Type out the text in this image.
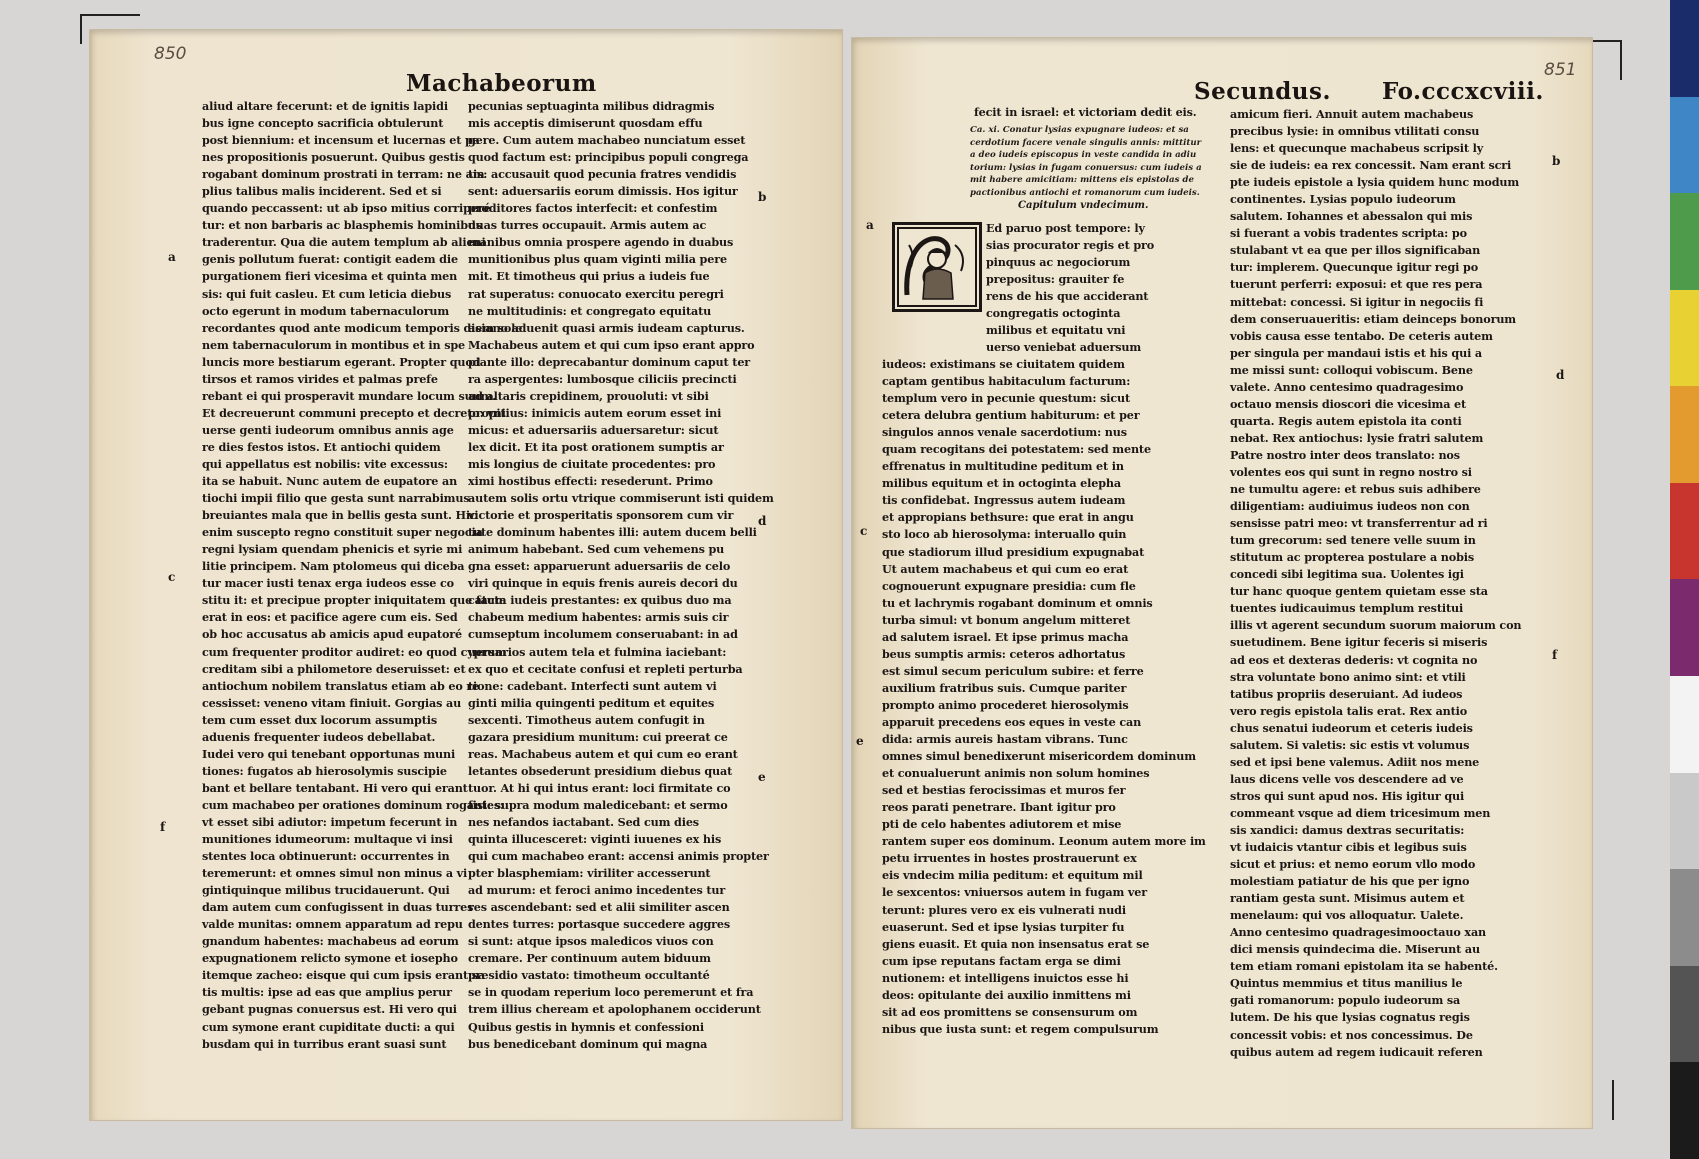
850
Machabeorum
aliud altare fecerunt: et de ignitis lapidi
bus igne concepto sacrificia obtulerunt
post biennium: et incensum et lucernas et pa
nes propositionis posuerunt. Quibus gestis
rogabant dominum prostrati in terram: ne am
plius talibus malis inciderent. Sed et si
quando peccassent: ut ab ipso mitius corriperé
tur: et non barbaris ac blasphemis hominibus
traderentur. Qua die autem templum ab alieni
genis pollutum fuerat: contigit eadem die
purgationem fieri vicesima et quinta men
sis: qui fuit casleu. Et cum leticia diebus
octo egerunt in modum tabernaculorum
recordantes quod ante modicum temporis diem sole
nem tabernaculorum in montibus et in spe
luncis more bestiarum egerant. Propter quod
tirsos et ramos virides et palmas prefe
rebant ei qui prosperavit mundare locum suum.
Et decreuerunt communi precepto et decreto: vni
uerse genti iudeorum omnibus annis age
re dies festos istos. Et antiochi quidem
qui appellatus est nobilis: vite excessus:
ita se habuit. Nunc autem de eupatore an
tiochi impii filio que gesta sunt narrabimus
breuiantes mala que in bellis gesta sunt. Hic
enim suscepto regno constituit super negocia
regni lysiam quendam phenicis et syrie mi
litie principem. Nam ptolomeus qui diceba
tur macer iusti tenax erga iudeos esse co
stitu it: et precipue propter iniquitatem que facta
erat in eos: et pacifice agere cum eis. Sed
ob hoc accusatus ab amicis apud eupatoré
cum frequenter proditor audiret: eo quod cyprum
creditam sibi a philometore deseruisset: et
antiochum nobilem translatus etiam ab eo re
cessisset: veneno vitam finiuit. Gorgias au
tem cum esset dux locorum assumptis
aduenis frequenter iudeos debellabat.
Iudei vero qui tenebant opportunas muni
tiones: fugatos ab hierosolymis suscipie
bant et bellare tentabant. Hi vero qui erant
cum machabeo per orationes dominum rogantes:
vt esset sibi adiutor: impetum fecerunt in
munitiones idumeorum: multaque vi insi
stentes loca obtinuerunt: occurrentes in
teremerunt: et omnes simul non minus a vi
gintiquinque milibus trucidauerunt. Qui
dam autem cum confugissent in duas turres
valde munitas: omnem apparatum ad repu
gnandum habentes: machabeus ad eorum
expugnationem relicto symone et iosepho
itemque zacheo: eisque qui cum ipsis erant sa
tis multis: ipse ad eas que amplius perur
gebant pugnas conuersus est. Hi vero qui
cum symone erant cupiditate ducti: a qui
busdam qui in turribus erant suasi sunt
pecunias septuaginta milibus didragmis
mis acceptis dimiserunt quosdam effu
gere. Cum autem machabeo nunciatum esset
quod factum est: principibus populi congrega
tis: accusauit quod pecunia fratres vendidis
sent: aduersariis eorum dimissis. Hos igitur
proditores factos interfecit: et confestim
duas turres occupauit. Armis autem ac
manibus omnia prospere agendo in duabus
munitionibus plus quam viginti milia pere
mit. Et timotheus qui prius a iudeis fue
rat superatus: conuocato exercitu peregri
ne multitudinis: et congregato equitatu
asiano aduenit quasi armis iudeam capturus.
Machabeus autem et qui cum ipso erant appro
piante illo: deprecabantur dominum caput ter
ra aspergentes: lumbosque ciliciis precincti
ad altaris crepidinem, prouoluti: vt sibi
propitius: inimicis autem eorum esset ini
micus: et aduersariis aduersaretur: sicut
lex dicit. Et ita post orationem sumptis ar
mis longius de ciuitate procedentes: pro
ximi hostibus effecti: resederunt. Primo
autem solis ortu vtrique commiserunt isti quidem
victorie et prosperitatis sponsorem cum vir
tute dominum habentes illi: autem ducem belli
animum habebant. Sed cum vehemens pu
gna esset: apparuerunt aduersariis de celo
viri quinque in equis frenis aureis decori du
catum iudeis prestantes: ex quibus duo ma
chabeum medium habentes: armis suis cir
cumseptum incolumem conseruabant: in ad
uersarios autem tela et fulmina iaciebant:
ex quo et cecitate confusi et repleti perturba
tione: cadebant. Interfecti sunt autem vi
ginti milia quingenti peditum et equites
sexcenti. Timotheus autem confugit in
gazara presidium munitum: cui preerat ce
reas. Machabeus autem et qui cum eo erant
letantes obsederunt presidium diebus quat
tuor. At hi qui intus erant: loci firmitate co
fisi: supra modum maledicebant: et sermo
nes nefandos iactabant. Sed cum dies
quinta illucesceret: viginti iuuenes ex his
qui cum machabeo erant: accensi animis propter
pter blasphemiam: viriliter accesserunt
ad murum: et feroci animo incedentes tur
res ascendebant: sed et alii similiter ascen
dentes turres: portasque succedere aggres
si sunt: atque ipsos maledicos viuos con
cremare. Per continuum autem biduum
presidio vastato: timotheum occultanté
se in quodam reperium loco peremerunt et fra
trem illius cheream et apolophanem occiderunt
Quibus gestis in hymnis et confessioni
bus benedicebant dominum qui magna
a
b
c
d
e
f
851
Secundus. Fo.cccxcviii.
fecit in israel: et victoriam dedit eis.
Ca. xi. Conatur lysias expugnare iudeos: et sa
cerdotium facere venale singulis annis: mittitur
a deo iudeis episcopus in veste candida in adiu
torium: lysias in fugam conuersus: cum iudeis a
mit habere amicitiam: mittens eis epistolas de
pactionibus antiochi et romanorum cum iudeis.
Capitulum vndecimum.
Ed paruo post tempore: ly
sias procurator regis et pro
pinquus ac negociorum
prepositus: grauiter fe
rens de his que acciderant
congregatis octoginta
milibus et equitatu vni
uerso veniebat aduersum
iudeos: existimans se ciuitatem quidem
captam gentibus habitaculum facturum:
templum vero in pecunie questum: sicut
cetera delubra gentium habiturum: et per
singulos annos venale sacerdotium: nus
quam recogitans dei potestatem: sed mente
effrenatus in multitudine peditum et in
milibus equitum et in octoginta elepha
tis confidebat. Ingressus autem iudeam
et appropians bethsure: que erat in angu
sto loco ab hierosolyma: interuallo quin
que stadiorum illud presidium expugnabat
Ut autem machabeus et qui cum eo erat
cognouerunt expugnare presidia: cum fle
tu et lachrymis rogabant dominum et omnis
turba simul: vt bonum angelum mitteret
ad salutem israel. Et ipse primus macha
beus sumptis armis: ceteros adhortatus
est simul secum periculum subire: et ferre
auxilium fratribus suis. Cumque pariter
prompto animo procederet hierosolymis
apparuit precedens eos eques in veste can
dida: armis aureis hastam vibrans. Tunc
omnes simul benedixerunt misericordem dominum
et conualuerunt animis non solum homines
sed et bestias ferocissimas et muros fer
reos parati penetrare. Ibant igitur pro
pti de celo habentes adiutorem et mise
rantem super eos dominum. Leonum autem more im
petu irruentes in hostes prostrauerunt ex
eis vndecim milia peditum: et equitum mil
le sexcentos: vniuersos autem in fugam ver
terunt: plures vero ex eis vulnerati nudi
euaserunt. Sed et ipse lysias turpiter fu
giens euasit. Et quia non insensatus erat se
cum ipse reputans factam erga se dimi
nutionem: et intelligens inuictos esse hi
deos: opitulante dei auxilio inmittens mi
sit ad eos promittens se consensurum om
nibus que iusta sunt: et regem compulsurum
amicum fieri. Annuit autem machabeus
precibus lysie: in omnibus vtilitati consu
lens: et quecunque machabeus scripsit ly
sie de iudeis: ea rex concessit. Nam erant scri
pte iudeis epistole a lysia quidem hunc modum
continentes. Lysias populo iudeorum
salutem. Iohannes et abessalon qui mis
si fuerant a vobis tradentes scripta: po
stulabant vt ea que per illos significaban
tur: implerem. Quecunque igitur regi po
tuerunt perferri: exposui: et que res pera
mittebat: concessi. Si igitur in negociis fi
dem conseruaueritis: etiam deinceps bonorum
vobis causa esse tentabo. De ceteris autem
per singula per mandaui istis et his qui a
me missi sunt: colloqui vobiscum. Bene
valete. Anno centesimo quadragesimo
octauo mensis dioscori die vicesima et
quarta. Regis autem epistola ita conti
nebat. Rex antiochus: lysie fratri salutem
Patre nostro inter deos translato: nos
volentes eos qui sunt in regno nostro si
ne tumultu agere: et rebus suis adhibere
diligentiam: audiuimus iudeos non con
sensisse patri meo: vt transferrentur ad ri
tum grecorum: sed tenere velle suum in
stitutum ac propterea postulare a nobis
concedi sibi legitima sua. Uolentes igi
tur hanc quoque gentem quietam esse sta
tuentes iudicauimus templum restitui
illis vt agerent secundum suorum maiorum con
suetudinem. Bene igitur feceris si miseris
ad eos et dexteras dederis: vt cognita no
stra voluntate bono animo sint: et vtili
tatibus propriis deseruiant. Ad iudeos
vero regis epistola talis erat. Rex antio
chus senatui iudeorum et ceteris iudeis
salutem. Si valetis: sic estis vt volumus
sed et ipsi bene valemus. Adiit nos mene
laus dicens velle vos descendere ad ve
stros qui sunt apud nos. His igitur qui
commeant vsque ad diem tricesimum men
sis xandici: damus dextras securitatis:
vt iudaicis vtantur cibis et legibus suis
sicut et prius: et nemo eorum vllo modo
molestiam patiatur de his que per igno
rantiam gesta sunt. Misimus autem et
menelaum: qui vos alloquatur. Ualete.
Anno centesimo quadragesimooctauo xan
dici mensis quindecima die. Miserunt au
tem etiam romani epistolam ita se habenté.
Quintus memmius et titus manilius le
gati romanorum: populo iudeorum sa
lutem. De his que lysias cognatus regis
concessit vobis: et nos concessimus. De
quibus autem ad regem iudicauit referen
a
b
c
d
e
f
